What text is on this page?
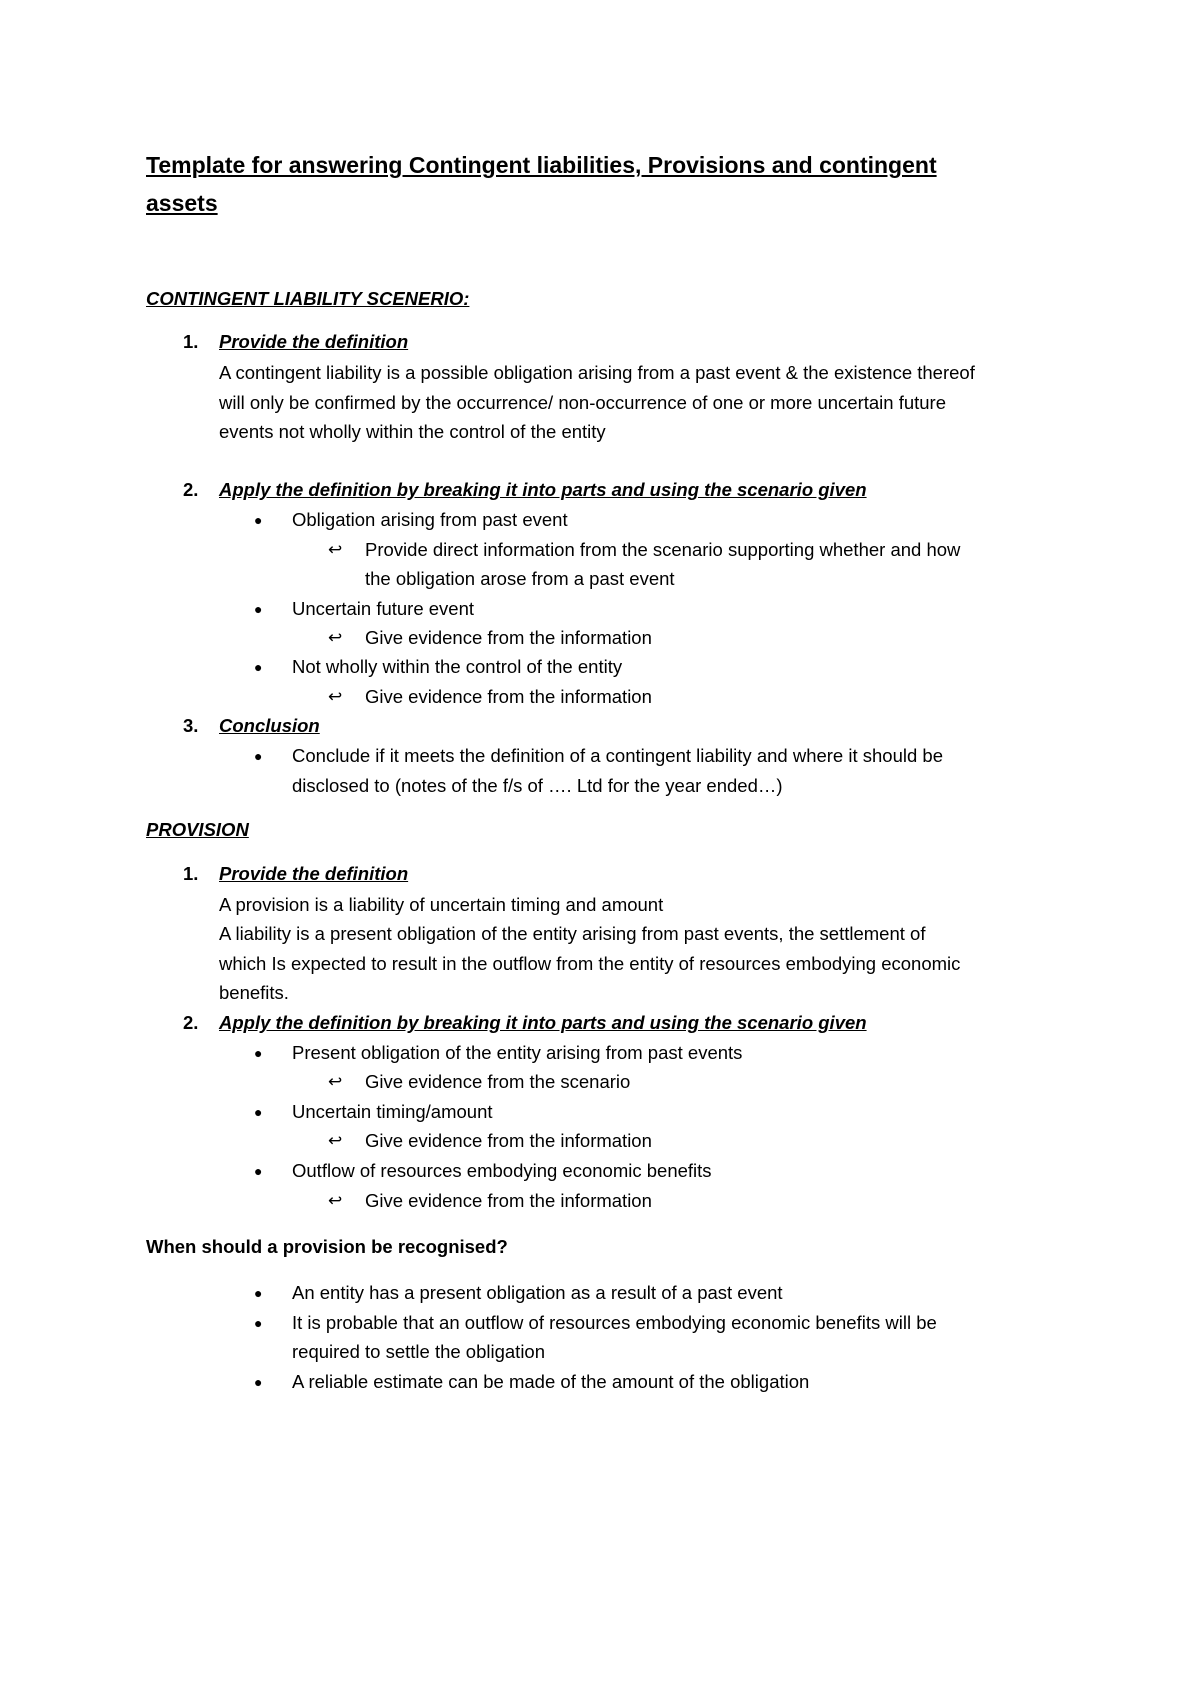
Template for answering Contingent liabilities, Provisions and contingent
assets
CONTINGENT LIABILITY SCENERIO:
1. Provide the definition
A contingent liability is a possible obligation arising from a past event & the existence thereof
will only be confirmed by the occurrence/ non-occurrence of one or more uncertain future
events not wholly within the control of the entity
2. Apply the definition by breaking it into parts and using the scenario given
● Obligation arising from past event
↩ Provide direct information from the scenario supporting whether and how
the obligation arose from a past event
● Uncertain future event
↩ Give evidence from the information
● Not wholly within the control of the entity
↩ Give evidence from the information
3. Conclusion
● Conclude if it meets the definition of a contingent liability and where it should be
disclosed to (notes of the f/s of …. Ltd for the year ended…)
PROVISION
1. Provide the definition
A provision is a liability of uncertain timing and amount
A liability is a present obligation of the entity arising from past events, the settlement of
which Is expected to result in the outflow from the entity of resources embodying economic
benefits.
2. Apply the definition by breaking it into parts and using the scenario given
● Present obligation of the entity arising from past events
↩ Give evidence from the scenario
● Uncertain timing/amount
↩ Give evidence from the information
● Outflow of resources embodying economic benefits
↩ Give evidence from the information
When should a provision be recognised?
● An entity has a present obligation as a result of a past event
● It is probable that an outflow of resources embodying economic benefits will be
required to settle the obligation
● A reliable estimate can be made of the amount of the obligation
